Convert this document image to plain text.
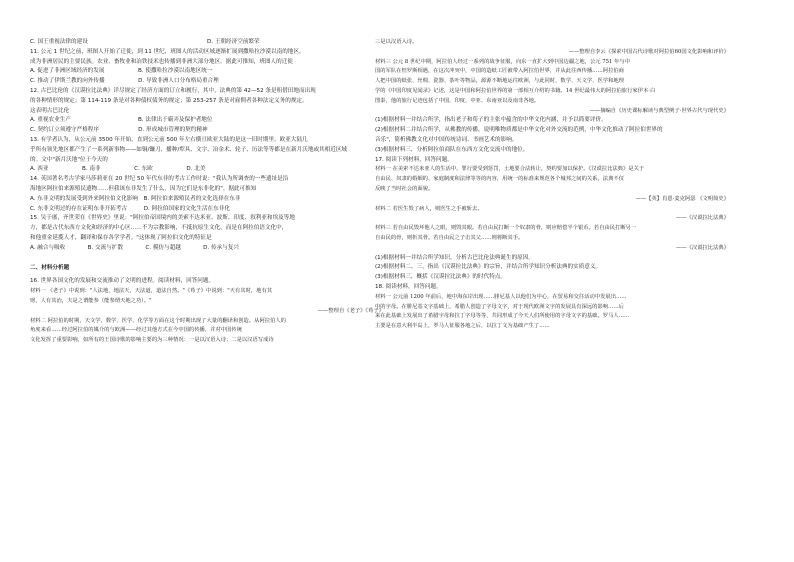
C. 国王重视法律的建设	D. 王朝经济空前繁荣
11. 公元 1 世纪之前，班图人开始了迁徙，到 11 世纪，班图人的活动区域逐渐扩展到撒哈拉沙漠以南的地区，
成为非洲居民的主要民族。农业、畜牧业和冶铁技术也传播到非洲大部分地区。据此可推知，班图人的迁徙
A. 促进了非洲区域经济的发展　　　　　　B. 使撒哈拉沙漠以南地区统一
C. 推动了伊斯兰教的向外传播　　　　　　D. 导致非洲人口分布格局重合理
12. 古巴比伦的《汉谟拉比法典》详尽规定了经济方面的订立和履行，其中，法典的第 42—52 条是租借田地而出现
的各种情形的规定；第 114-119 条是对各种债权债务的规定；第 253-257 条是对雇佣者各种法定义务的规定。
这表明古巴比伦
A. 重视农业生产　　　　　　　　　　　　B. 法律出于霸弄及保护者地位
C. 契约订立须遵守严格程序　　　　　　　D. 形成城市管理的契约精神
13. 有学者认为，从公元前 3500 年开始，直到公元前 500 年左右横亘欧亚大陆的是这一旧时期里，欧亚大陆几
乎所有领先地区都产生了一系列新事物——如铜/镰刀、播种/犁具、文字、冶金术、轮子、历法等等都是在新月沃地或其相近区域
的。文中"新月沃地"位于今天的
A. 西亚　　　　　　B. 南非　　　　　　C. 东欧　　　　　　D. 北美
14. 英国著名考古学家马莎莉亚在 20 世纪 50 年代东非的考古工作时说："我认为所调查的一些遗址是沿
海地区阿拉伯来源殖民遗物……但我该东非发生了什么，因为它们是东非化的"。据此可推知
A. 东非文明的发展受到外来阿拉伯文化影响　B. 阿拉伯来源殖民者的文化选择在东非
C. 东非文明过的存在证明东非开拓考古　　　D. 阿拉伯国家的文化生活在东非化
15. 吴于廑，齐世荣在《世界史》里说："阿拉伯帝国境内的美索不达米亚、波斯、印度、叙利亚和埃及等地
方，都是古代东西方文化和经济的中心区……不为宗教影响，不抵抗原生文化，而是在阿拉伯语文化中，
和他重金延揽人才，翻译和保存各学学者。"这体现了阿拉伯文化的特征是
A. 融合与吸收　　　　B. 交流与扩散　　　　C. 模仿与超越　　　　D. 传承与复兴
二、材料分析题
16. 世界各国文化的发展和交流推动了文明的进程。阅读材料，回答问题。
材料一 《老子》中说到："人法地，地法天，天法道，道法自然。"《荀子》中说到："天有其时，地有其
财，人有其治，夫是之谓能参（能参谓天地之功）。"
——整理自《老子》《荀子》
材料二 阿拉伯的时期，天文学、数学、医学、化学等方面在这个时期出现了大量的翻译和创造。从阿拉伯人的
角度来看……经过阿拉伯的媒介的与欧洲——经过其他方式在今中国的传播，并对中国传统
文化发挥了重要影响，如所有的王国诗歌的影响主要的为三种情况：一是以汉语入诗；二是以汉语写成诗
三是以汉语入诗。
——整理自李云《探索中国古代诗歌对阿拉伯60国文化影响和评价》
材料三 公元 8 世纪中期，阿拉伯人经过一系列的战争征服，向东一直扩大到中国边疆之地，公元 751 年与中
国的军队在怛罗斯相遇，在这次冲突中，中国的造纸工匠被带入阿拉伯世界，并从此往西传播……阿拉伯商
人把中国的纸张、丝绸、瓷器、茶叶等物品，源源不断地运往欧洲，与此同时，数学、天文学、医学和地理
学的《中国印度见闻录》记述，这是中国和阿拉伯世界的第一部相互介绍的书籍。14 世纪最伟大的阿拉伯旅行家伊本·白
图泰，他的旅行足迹包括了中国，印度、中亚、东南亚以及南非各地。
——摘编自《历史课标解读与典型例子·世界古代与现代史》
(1)根据材料一并结合所学，指出老子和荀子的主张中蕴含的中华文化内涵，并予以简要评价。
(2)根据材料二并结合所学，从佛教的传播，说明唯物质都是中华文化对外交流的范例，中华文化推动了阿拉伯世界的
音乐"，简析佛教文化对中国传统诗词、书画艺术的影响。
(3)根据材料三，分析阿拉伯商队在东西方文化交流中的地位。
17. 阅读下列材料，回答问题。
材料一 在美索不达米亚人的生活中，罪行要受到惩罚，土地要合法转让，契约要加以保护。《汉谟拉比法典》是关于
自由民、奴隶的婚姻的、家庭制度和法律等等的内容，用统一的标准来规范各个城邦之间的关系。法典不仅
反映了当时社会的面貌。
——【英】肖恩·麦克阿瑟 《文明简史》
材料二 若医生毁了病人，则医生之手被斩去。
——《汉谟拉比法典》
材料三 若自由民毁坏他人之眼，则毁其眼。若自由民打断一个奴隶的骨，则应赔偿半个银币。若自由民打断另一
自由民的骨，则折其骨。若自由民之子击其父……则将断其手。
——《汉谟拉比法典》
(1)根据材料一并结合所学知识，分析古巴比伦法典诞生的原因。
(2)根据材料二、三，指出《汉谟拉比法典》的宗旨，并结合所学知识分析法典的实质意义。
(3)根据材料三，概括《汉谟拉比法典》的时代特点。
18. 阅读材料，回答问题。
材料一 公元前 1200 年前后，地中海东岸出现……腓尼基人以他们为中心，在贸易和交往活动中发展出……
中的字母。在腓尼基文字基础上，希腊人创造了字母文字，对于现代欧洲文字的发展具有深远的影响……后
来在此基础上发展出了希腊字母和拉丁字母等等，共同形成了今天人们所使用的字母文字的基础。罗马人……
主要是在意大利半岛上，罗马人征服各地之后，以拉丁文为基础产生了……
